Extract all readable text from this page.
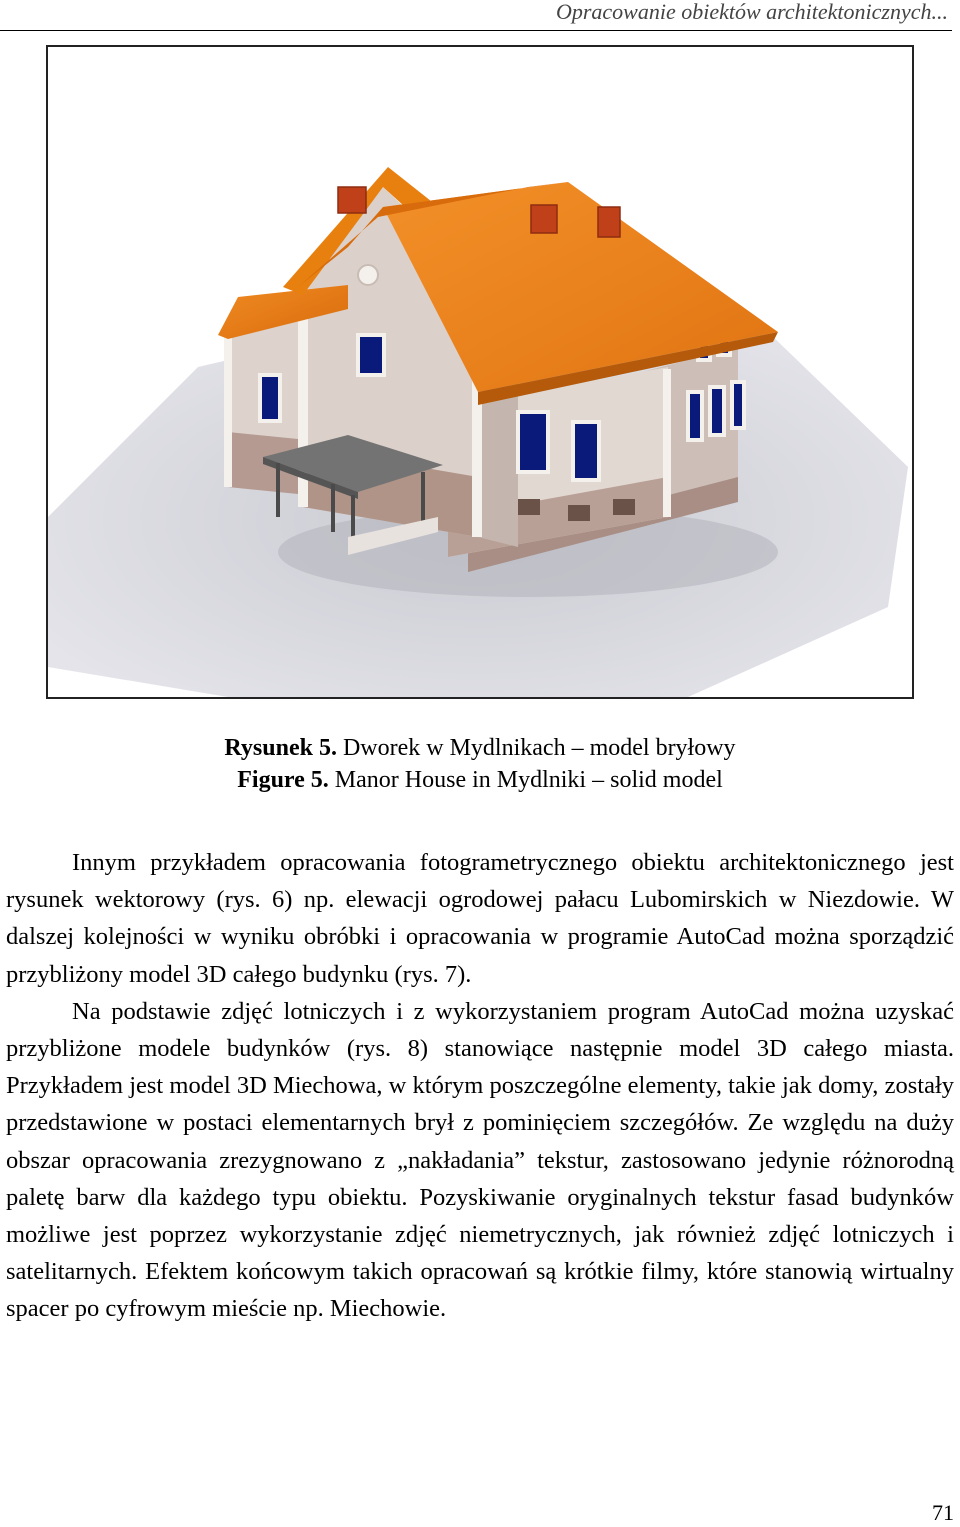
Opracowanie obiektów architektonicznych...
Rysunek 5. Dworek w Mydlnikach – model bryłowy
Figure 5. Manor House in Mydlniki – solid model

Innym przykładem opracowania fotogrametrycznego obiektu architektonicznego jest rysunek wektorowy (rys. 6) np. elewacji ogrodowej pałacu Lubomirskich w Niezdowie. W dalszej kolejności w wyniku obróbki i opracowania w programie AutoCad można sporządzić przybliżony model 3D całego budynku (rys. 7).

Na podstawie zdjęć lotniczych i z wykorzystaniem program AutoCad można uzyskać przybliżone modele budynków (rys. 8) stanowiące następnie model 3D całego miasta. Przykładem jest model 3D Miechowa, w którym poszczególne elementy, takie jak domy, zostały przedstawione w postaci elementarnych brył z pominięciem szczegółów. Ze względu na duży obszar opracowania zrezygnowano z „nakładania” tekstur, zastosowano jedynie różnorodną paletę barw dla każdego typu obiektu. Pozyskiwanie oryginalnych tekstur fasad budynków możliwe jest poprzez wykorzystanie zdjęć niemetrycznych, jak również zdjęć lotniczych i satelitarnych. Efektem końcowym takich opracowań są krótkie filmy, które stanowią wirtualny spacer po cyfrowym mieście np. Miechowie.

71
